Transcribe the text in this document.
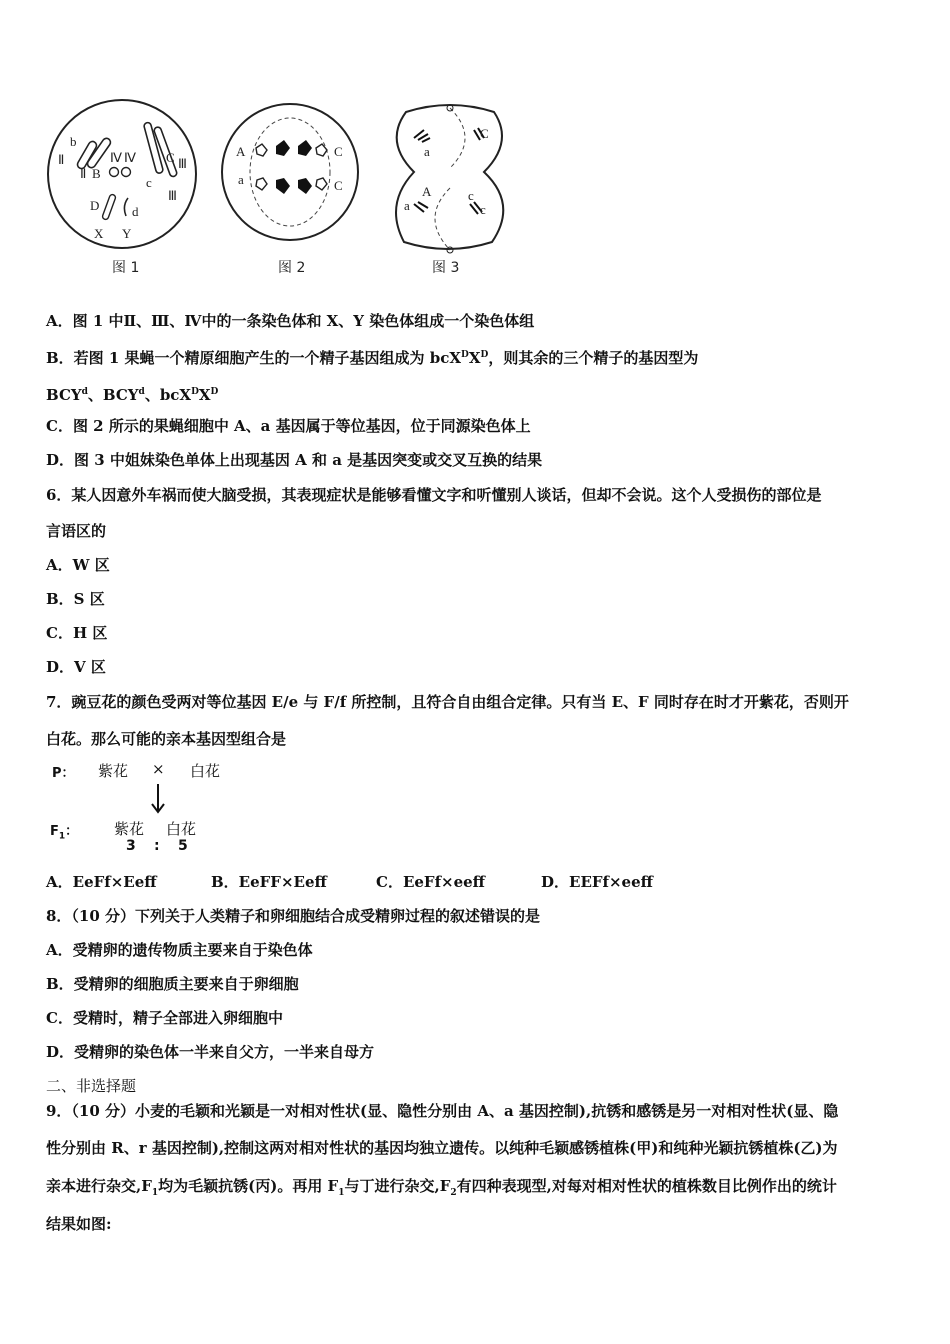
b
Ⅱ
Ⅱ
Ⅳ Ⅳ
B
C Ⅲ
c
Ⅲ
D	d
X Y
图 1
A	C
a	C
图 2
a
C
A
a
c
c
图 3
A．图 1 中Ⅱ、Ⅲ、Ⅳ中的一条染色体和 X、Y 染色体组成一个染色体组
B．若图 1 果蝇一个精原细胞产生的一个精子基因组成为 $bcX^DX^D$，则其余的三个精子的基因型为
BCY$^d$、BCY$^d$、$bcX^DX^D$
C．图 2 所示的果蝇细胞中 A、a 基因属于等位基因，位于同源染色体上
D．图 3 中姐妹染色单体上出现基因 A 和 a 是基因突变或交叉互换的结果
6．某人因意外车祸而使大脑受损，其表现症状是能够看懂文字和听懂别人谈话，但却不会说。这个人受损伤的部位是
言语区的
A．W 区
B．S 区
C．H 区
D．V 区
7．豌豆花的颜色受两对等位基因 E/e 与 F/f 所控制，且符合自由组合定律。只有当 E、F 同时存在时才开紫花，否则开
白花。那么可能的亲本基因型组合是
P： 紫花 × 白花
$F_1$： 紫花 白花
3 : 5
A．EeFf×Eeff	B．EeFF×Eeff	C．EeFf×eeff	D．EEFf×eeff
8．（10 分）下列关于人类精子和卵细胞结合成受精卵过程的叙述错误的是
A．受精卵的遗传物质主要来自于染色体
B．受精卵的细胞质主要来自于卵细胞
C．受精时，精子全部进入卵细胞中
D．受精卵的染色体一半来自父方，一半来自母方
二、非选择题
9．（10 分）小麦的毛颖和光颖是一对相对性状(显、隐性分别由 A、a 基因控制),抗锈和感锈是另一对相对性状(显、隐
性分别由 R、r 基因控制),控制这两对相对性状的基因均独立遗传。以纯种毛颖感锈植株(甲)和纯种光颖抗锈植株(乙)为
亲本进行杂交$,F_1$均为毛颖抗锈(丙)。再用 $F_1$与丁进行杂交$,F_2$有四种表现型,对每对相对性状的植株数目比例作出的统计
结果如图:
